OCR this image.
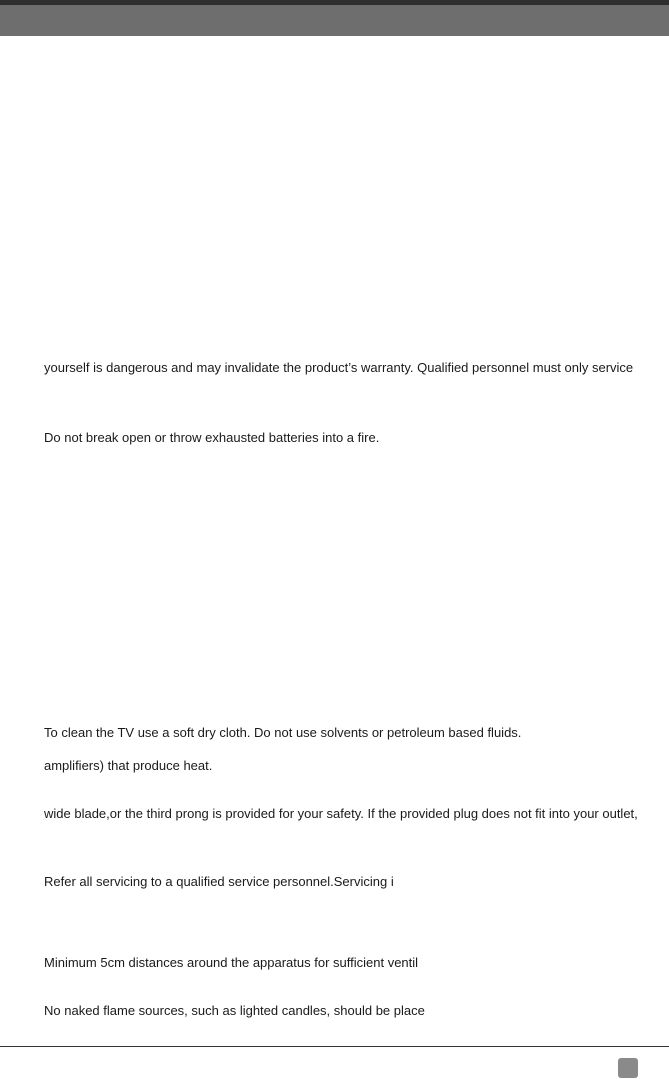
yourself is dangerous and may invalidate the product’s warranty. Qualified personnel must only service

Do not break open or throw exhausted batteries into a fire.

To clean the TV use a soft dry cloth. Do not use solvents or petroleum based fluids.

amplifiers) that produce heat.

wide blade,or the third prong is provided for your safety. If the provided plug does not fit into your outlet,

Refer all servicing to a qualified service personnel.Servicing i

Minimum 5cm distances around the apparatus for sufficient ventil

No naked flame sources, such as lighted candles, should be place
